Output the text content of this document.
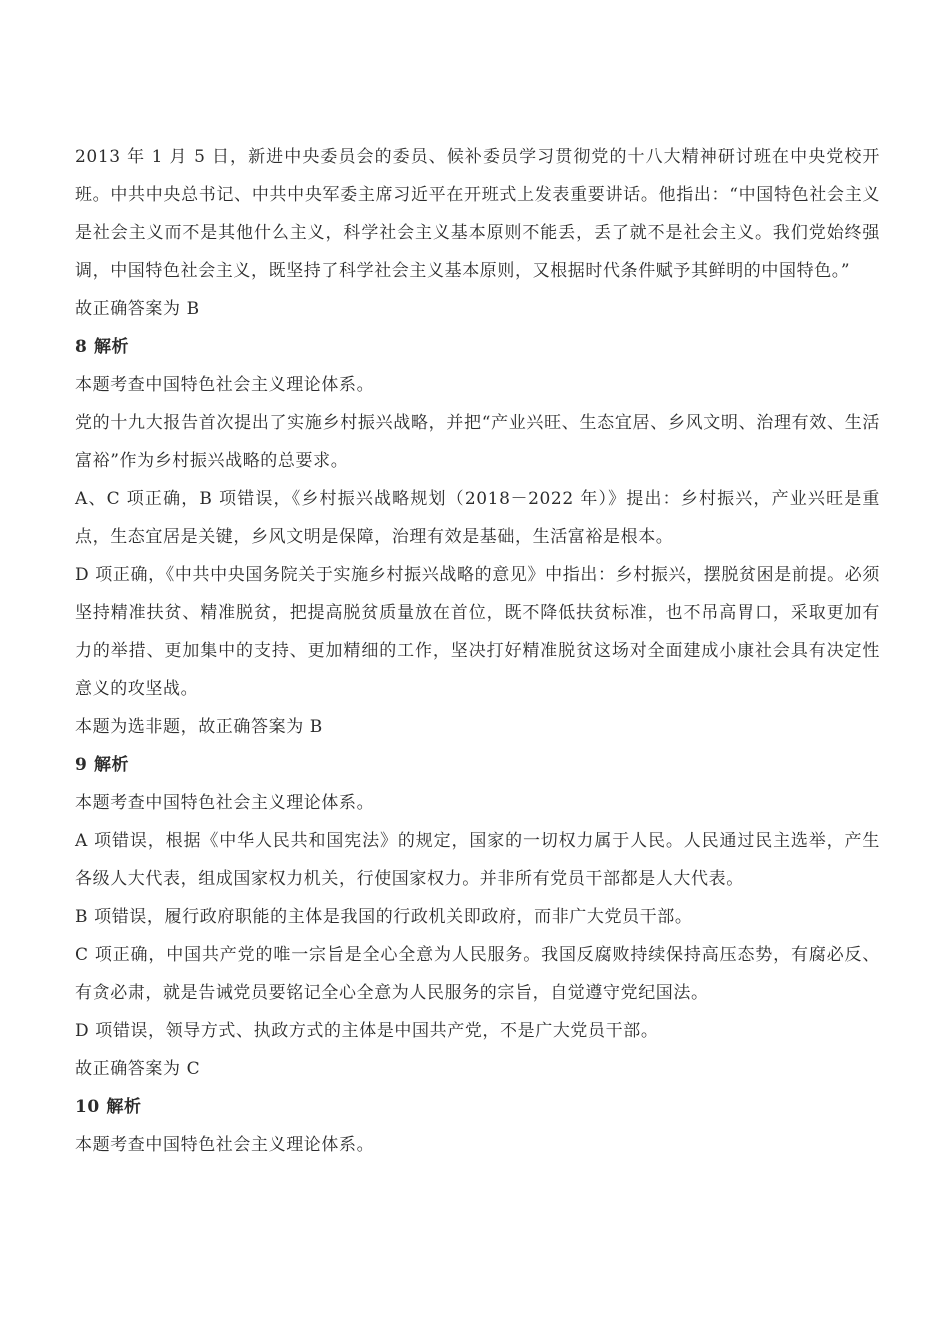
2013 年 1 月 5 日，新进中央委员会的委员、候补委员学习贯彻党的十八大精神研讨班在中央党校开班。中共中央总书记、中共中央军委主席习近平在开班式上发表重要讲话。他指出：“中国特色社会主义是社会主义而不是其他什么主义，科学社会主义基本原则不能丢，丢了就不是社会主义。我们党始终强调，中国特色社会主义，既坚持了科学社会主义基本原则，又根据时代条件赋予其鲜明的中国特色。”

故正确答案为 B

8 解析

本题考查中国特色社会主义理论体系。

党的十九大报告首次提出了实施乡村振兴战略，并把“产业兴旺、生态宜居、乡风文明、治理有效、生活富裕”作为乡村振兴战略的总要求。

A、C 项正确，B 项错误，《乡村振兴战略规划（2018－2022 年）》提出：乡村振兴，产业兴旺是重点，生态宜居是关键，乡风文明是保障，治理有效是基础，生活富裕是根本。

D 项正确，《中共中央国务院关于实施乡村振兴战略的意见》中指出：乡村振兴，摆脱贫困是前提。必须坚持精准扶贫、精准脱贫，把提高脱贫质量放在首位，既不降低扶贫标准，也不吊高胃口，采取更加有力的举措、更加集中的支持、更加精细的工作，坚决打好精准脱贫这场对全面建成小康社会具有决定性意义的攻坚战。

本题为选非题，故正确答案为 B

9 解析

本题考查中国特色社会主义理论体系。

A 项错误，根据《中华人民共和国宪法》的规定，国家的一切权力属于人民。人民通过民主选举，产生各级人大代表，组成国家权力机关，行使国家权力。并非所有党员干部都是人大代表。

B 项错误，履行政府职能的主体是我国的行政机关即政府，而非广大党员干部。

C 项正确，中国共产党的唯一宗旨是全心全意为人民服务。我国反腐败持续保持高压态势，有腐必反、有贪必肃，就是告诫党员要铭记全心全意为人民服务的宗旨，自觉遵守党纪国法。

D 项错误，领导方式、执政方式的主体是中国共产党，不是广大党员干部。

故正确答案为 C

10 解析

本题考查中国特色社会主义理论体系。
